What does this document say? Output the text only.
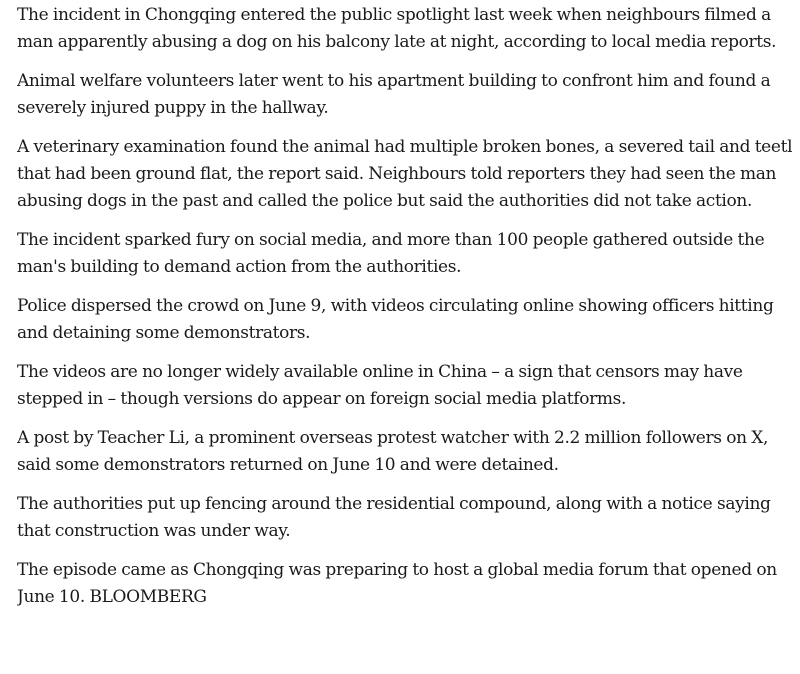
The incident in Chongqing entered the public spotlight last week when neighbours filmed a
man apparently abusing a dog on his balcony late at night, according to local media reports.

Animal welfare volunteers later went to his apartment building to confront him and found a
severely injured puppy in the hallway.

A veterinary examination found the animal had multiple broken bones, a severed tail and teetl
that had been ground flat, the report said. Neighbours told reporters they had seen the man
abusing dogs in the past and called the police but said the authorities did not take action.

The incident sparked fury on social media, and more than 100 people gathered outside the
man's building to demand action from the authorities.

Police dispersed the crowd on June 9, with videos circulating online showing officers hitting
and detaining some demonstrators.

The videos are no longer widely available online in China – a sign that censors may have
stepped in – though versions do appear on foreign social media platforms.

A post by Teacher Li, a prominent overseas protest watcher with 2.2 million followers on X,
said some demonstrators returned on June 10 and were detained.

The authorities put up fencing around the residential compound, along with a notice saying
that construction was under way.

The episode came as Chongqing was preparing to host a global media forum that opened on
June 10. BLOOMBERG
